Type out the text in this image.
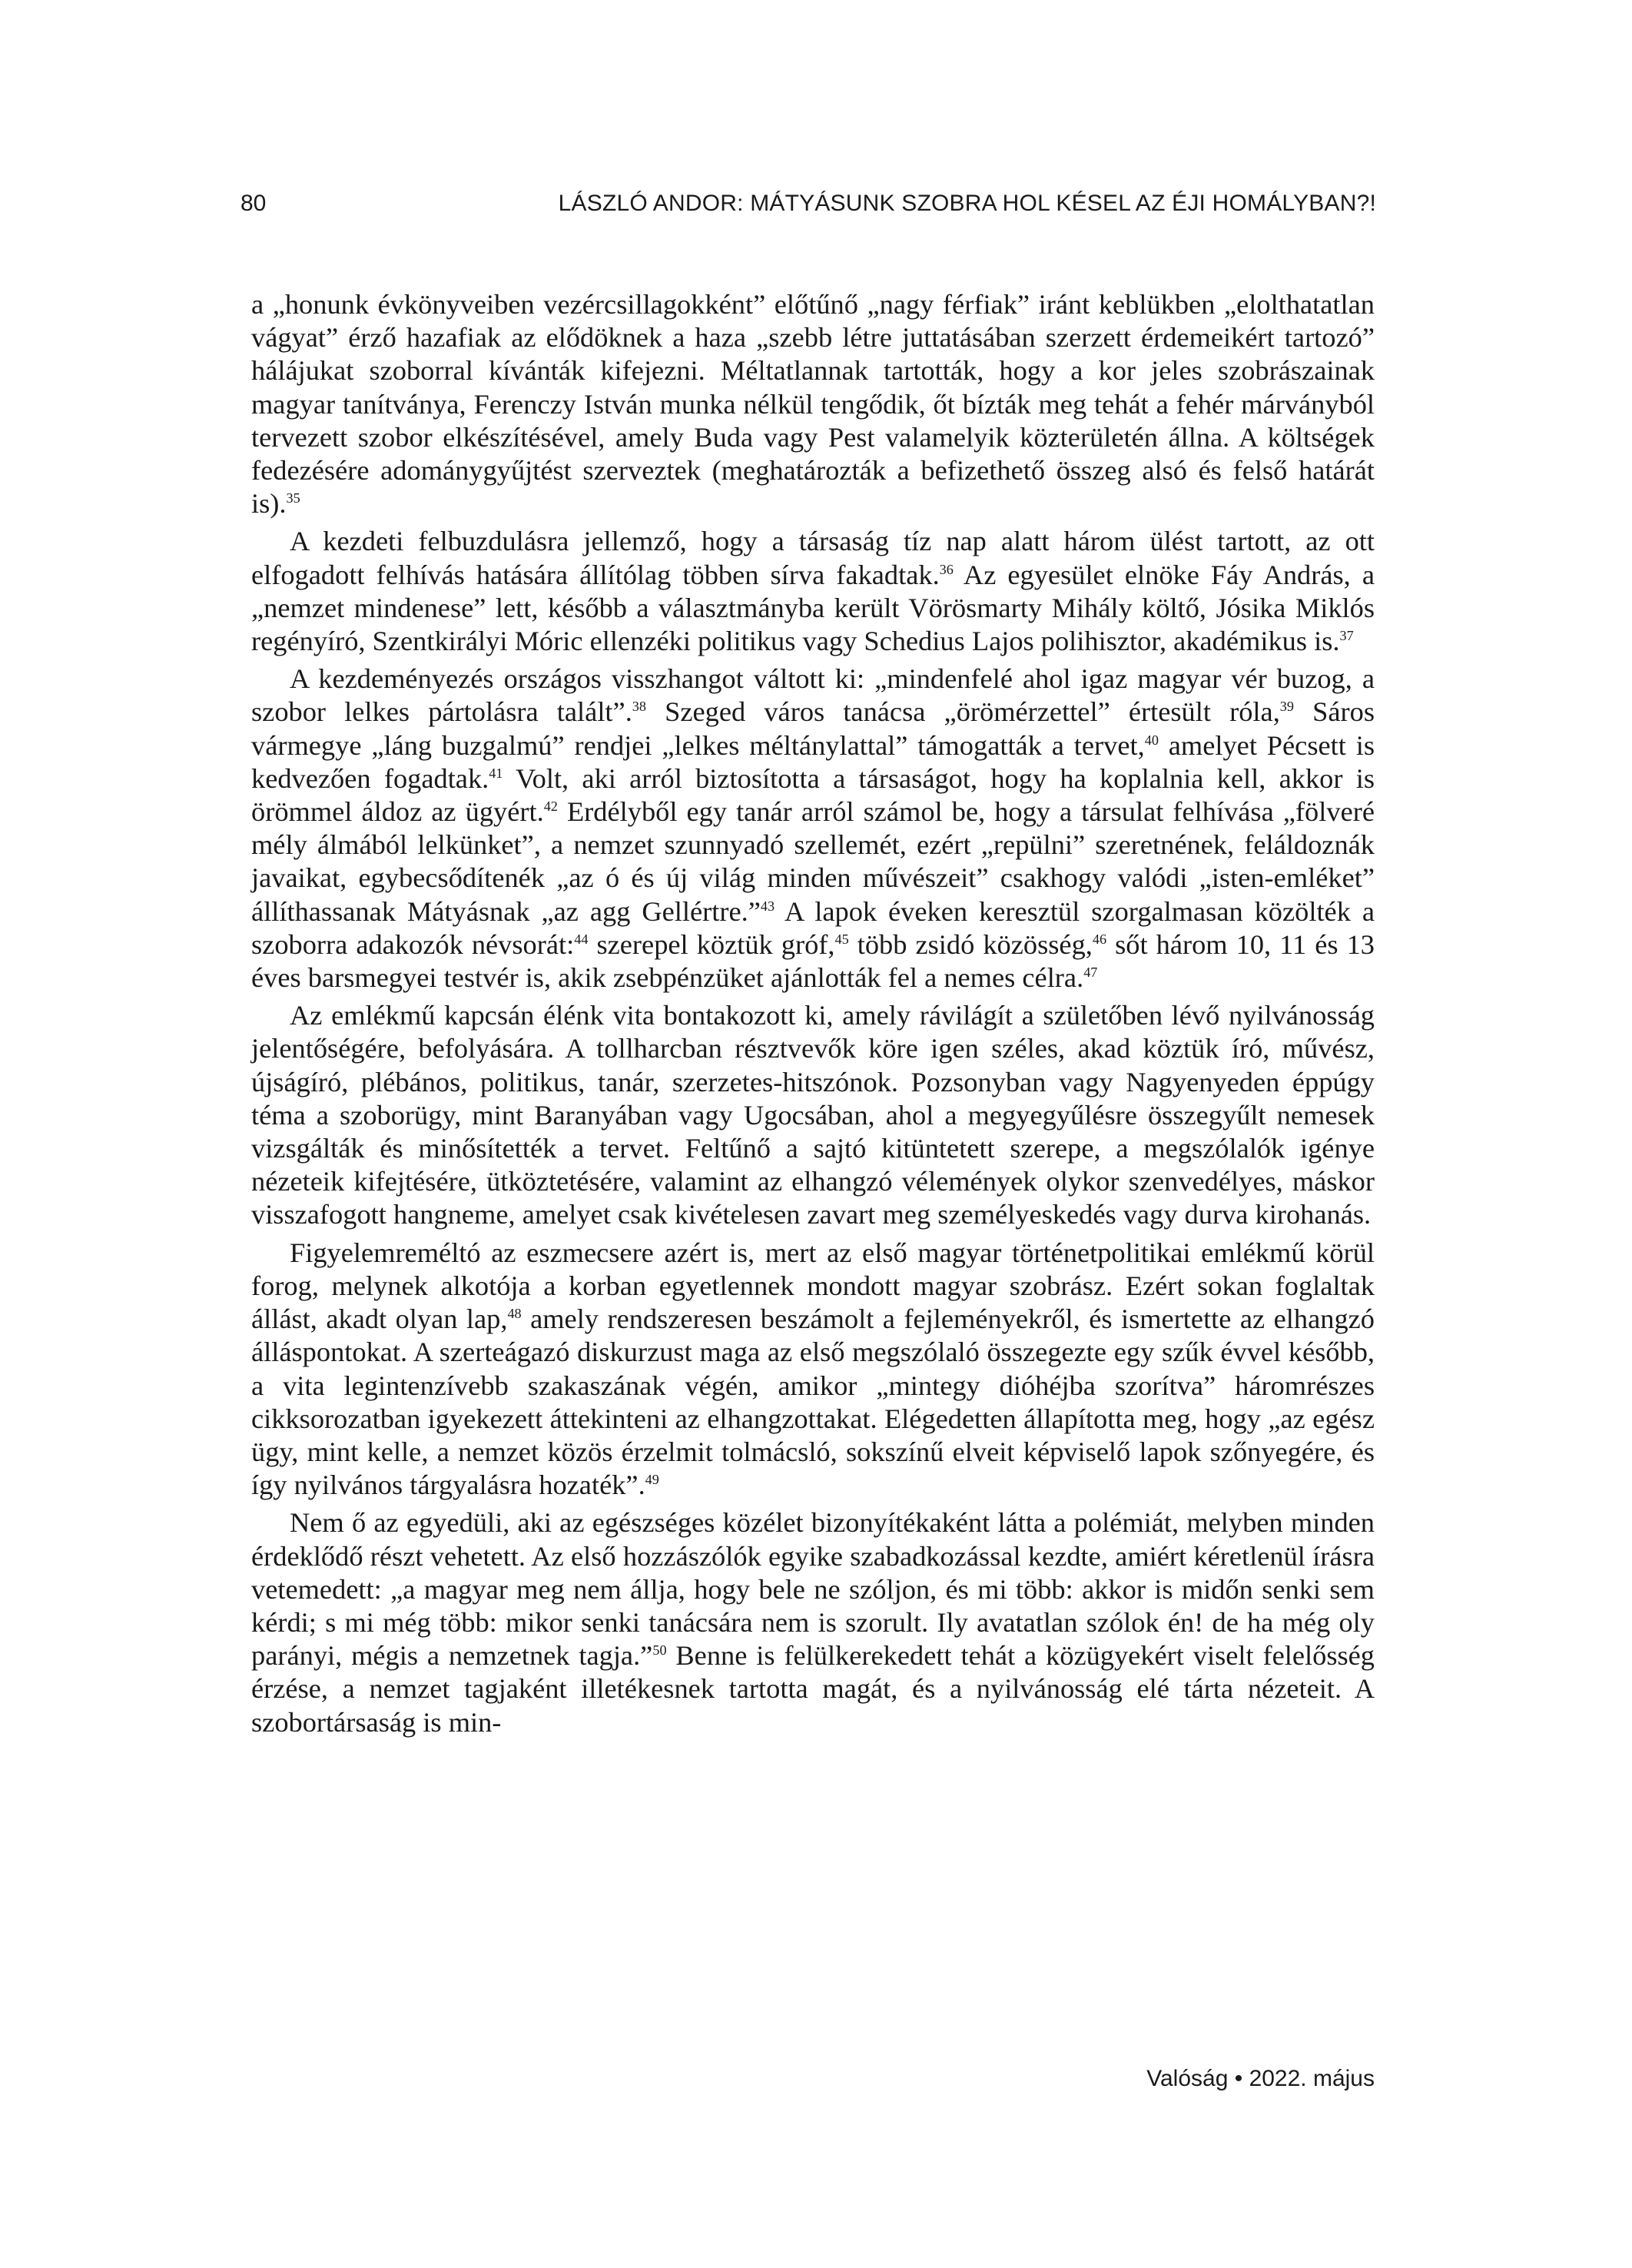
80	LÁSZLÓ ANDOR: MÁTYÁSUNK SZOBRA HOL KÉSEL AZ ÉJI HOMÁLYBAN?!

a „honunk évkönyveiben vezércsillagokként” előtűnő „nagy férfiak” iránt keblükben „elolthatatlan vágyat” érző hazafiak az elődöknek a haza „szebb létre juttatásában szerzett érdemeikért tartozó” hálájukat szoborral kívánták kifejezni. Méltatlannak tartották, hogy a kor jeles szobrászainak magyar tanítványa, Ferenczy István munka nélkül tengődik, őt bízták meg tehát a fehér márványból tervezett szobor elkészítésével, amely Buda vagy Pest valamelyik közterületén állna. A költségek fedezésére adománygyűjtést szerveztek (meghatározták a befizethető összeg alsó és felső határát is).$^{35}$

A kezdeti felbuzdulásra jellemző, hogy a társaság tíz nap alatt három ülést tartott, az ott elfogadott felhívás hatására állítólag többen sírva fakadtak.$^{36}$ Az egyesület elnöke Fáy András, a „nemzet mindenese” lett, később a választmányba került Vörösmarty Mihály költő, Jósika Miklós regényíró, Szentkirályi Móric ellenzéki politikus vagy Schedius Lajos polihisztor, akadémikus is.$^{37}$

A kezdeményezés országos visszhangot váltott ki: „mindenfelé ahol igaz magyar vér buzog, a szobor lelkes pártolásra talált”.$^{38}$ Szeged város tanácsa „örömérzettel” értesült róla,$^{39}$ Sáros vármegye „láng buzgalmú” rendjei „lelkes méltánylattal” támogatták a tervet,$^{40}$ amelyet Pécsett is kedvezően fogadtak.$^{41}$ Volt, aki arról biztosította a társaságot, hogy ha koplalnia kell, akkor is örömmel áldoz az ügyért.$^{42}$ Erdélyből egy tanár arról számol be, hogy a társulat felhívása „fölveré mély álmából lelkünket”, a nemzet szunnyadó szellemét, ezért „repülni” szeretnének, feláldoznák javaikat, egybecsődítenék „az ó és új világ minden művészeit” csakhogy valódi „isten-emléket” állíthassanak Mátyásnak „az agg Gellértre.”$^{43}$ A lapok éveken keresztül szorgalmasan közölték a szoborra adakozók névsorát:$^{44}$ szerepel köztük gróf,$^{45}$ több zsidó közösség,$^{46}$ sőt három 10, 11 és 13 éves barsmegyei testvér is, akik zsebpénzüket ajánlották fel a nemes célra.$^{47}$

Az emlékmű kapcsán élénk vita bontakozott ki, amely rávilágít a születőben lévő nyilvánosság jelentőségére, befolyására. A tollharcban résztvevők köre igen széles, akad köztük író, művész, újságíró, plébános, politikus, tanár, szerzetes-hitszónok. Pozsonyban vagy Nagyenyeden éppúgy téma a szoborügy, mint Baranyában vagy Ugocsában, ahol a megyegyűlésre összegyűlt nemesek vizsgálták és minősítették a tervet. Feltűnő a sajtó kitüntetett szerepe, a megszólalók igénye nézeteik kifejtésére, ütköztetésére, valamint az elhangzó vélemények olykor szenvedélyes, máskor visszafogott hangneme, amelyet csak kivételesen zavart meg személyeskedés vagy durva kirohanás.

Figyelemreméltó az eszmecsere azért is, mert az első magyar történetpolitikai emlékmű körül forog, melynek alkotója a korban egyetlennek mondott magyar szobrász. Ezért sokan foglaltak állást, akadt olyan lap,$^{48}$ amely rendszeresen beszámolt a fejleményekről, és ismertette az elhangzó álláspontokat. A szerteágazó diskurzust maga az első megszólaló összegezte egy szűk évvel később, a vita legintenzívebb szakaszának végén, amikor „mintegy dióhéjba szorítva” háromrészes cikksorozatban igyekezett áttekinteni az elhangzottakat. Elégedetten állapította meg, hogy „az egész ügy, mint kelle, a nemzet közös érzelmit tolmácsló, sokszínű elveit képviselő lapok szőnyegére, és így nyilvános tárgyalásra hozaték”.$^{49}$

Nem ő az egyedüli, aki az egészséges közélet bizonyítékaként látta a polémiát, melyben minden érdeklődő részt vehetett. Az első hozzászólók egyike szabadkozással kezdte, amiért kéretlenül írásra vetemedett: „a magyar meg nem állja, hogy bele ne szóljon, és mi több: akkor is midőn senki sem kérdi; s mi még több: mikor senki tanácsára nem is szorult. Ily avatatlan szólok én! de ha még oly parányi, mégis a nemzetnek tagja.”$^{50}$ Benne is felülkerekedett tehát a közügyekért viselt felelősség érzése, a nemzet tagjaként illetékesnek tartotta magát, és a nyilvánosság elé tárta nézeteit. A szobortársaság is min-

Valóság • 2022. május
